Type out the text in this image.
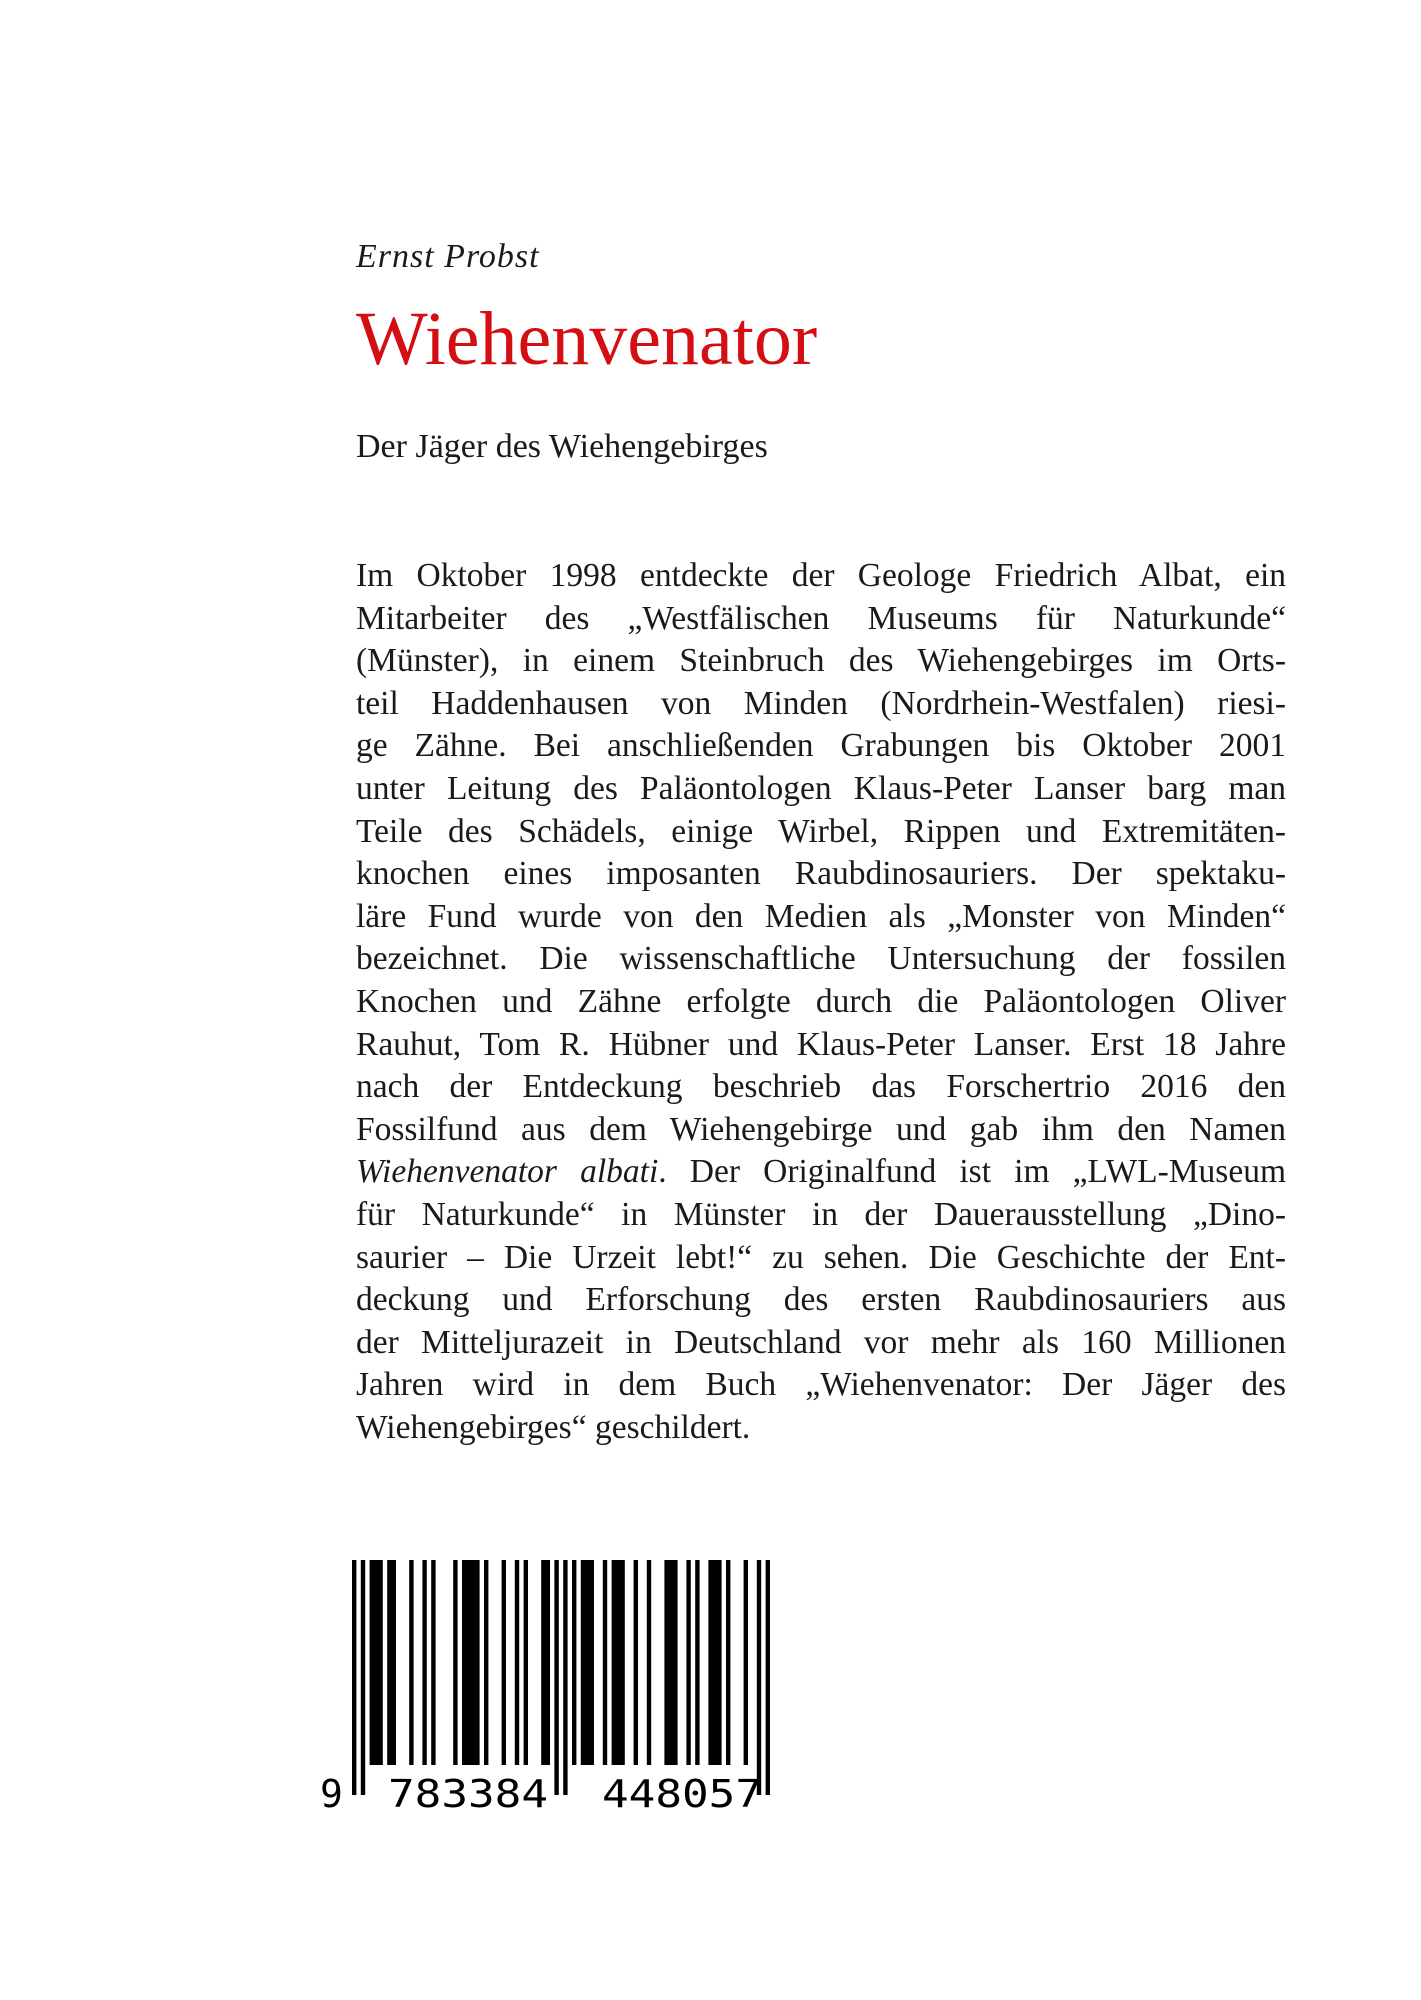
Ernst Probst
Wiehenvenator
Der Jäger des Wiehengebirges

Im Oktober 1998 entdeckte der Geologe Friedrich Albat, ein
Mitarbeiter des „Westfälischen Museums für Naturkunde“
(Münster), in einem Steinbruch des Wiehengebirges im Orts-
teil Haddenhausen von Minden (Nordrhein-Westfalen) riesi-
ge Zähne. Bei anschließenden Grabungen bis Oktober 2001
unter Leitung des Paläontologen Klaus-Peter Lanser barg man
Teile des Schädels, einige Wirbel, Rippen und Extremitäten-
knochen eines imposanten Raubdinosauriers. Der spektaku-
läre Fund wurde von den Medien als „Monster von Minden“
bezeichnet. Die wissenschaftliche Untersuchung der fossilen
Knochen und Zähne erfolgte durch die Paläontologen Oliver
Rauhut, Tom R. Hübner und Klaus-Peter Lanser. Erst 18 Jahre
nach der Entdeckung beschrieb das Forschertrio 2016 den
Fossilfund aus dem Wiehengebirge und gab ihm den Namen
Wiehenvenator albati. Der Originalfund ist im „LWL-Museum
für Naturkunde“ in Münster in der Dauerausstellung „Dino-
saurier – Die Urzeit lebt!“ zu sehen. Die Geschichte der Ent-
deckung und Erforschung des ersten Raubdinosauriers aus
der Mitteljurazeit in Deutschland vor mehr als 160 Millionen
Jahren wird in dem Buch „Wiehenvenator: Der Jäger des
Wiehengebirges“ geschildert.

9 783384 448057
